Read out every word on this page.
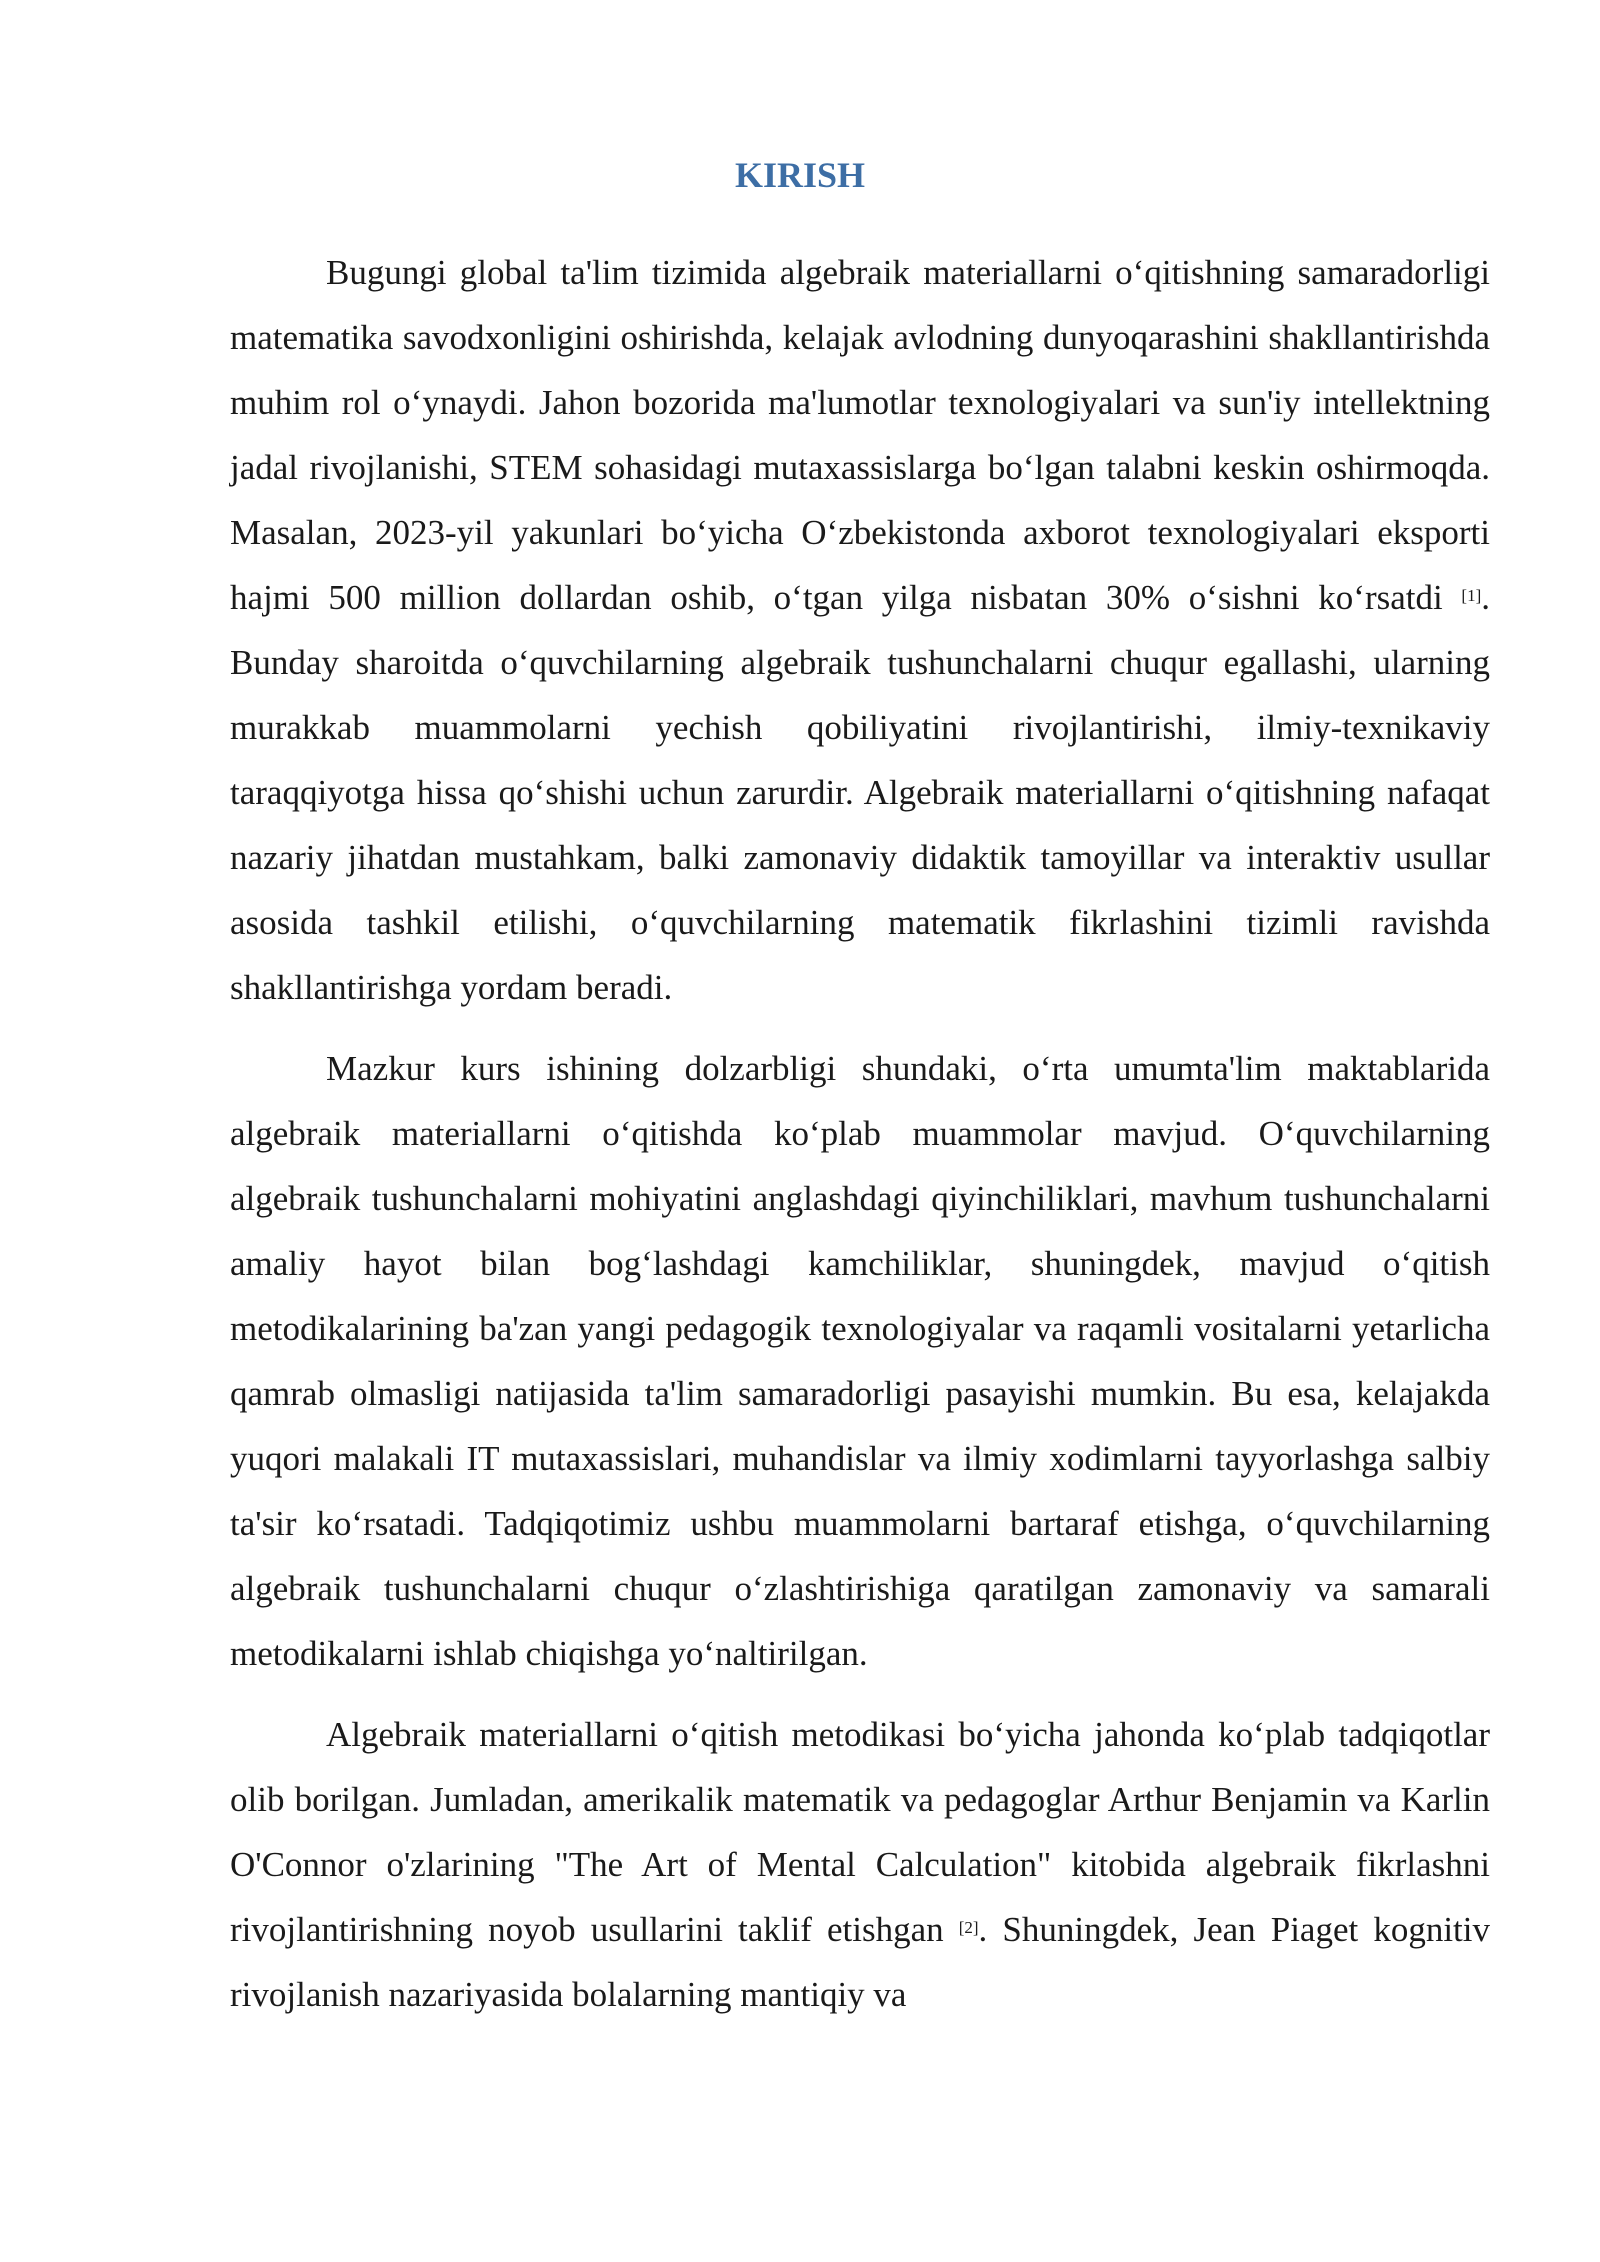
KIRISH

Bugungi global ta'lim tizimida algebraik materiallarni o‘qitishning samaradorligi matematika savodxonligini oshirishda, kelajak avlodning dunyoqarashini shakllantirishda muhim rol o‘ynaydi. Jahon bozorida ma'lumotlar texnologiyalari va sun'iy intellektning jadal rivojlanishi, STEM sohasidagi mutaxassislarga bo‘lgan talabni keskin oshirmoqda. Masalan, 2023-yil yakunlari bo‘yicha O‘zbekistonda axborot texnologiyalari eksporti hajmi 500 million dollardan oshib, o‘tgan yilga nisbatan 30% o‘sishni ko‘rsatdi [1]. Bunday sharoitda o‘quvchilarning algebraik tushunchalarni chuqur egallashi, ularning murakkab muammolarni yechish qobiliyatini rivojlantirishi, ilmiy-texnikaviy taraqqiyotga hissa qo‘shishi uchun zarurdir. Algebraik materiallarni o‘qitishning nafaqat nazariy jihatdan mustahkam, balki zamonaviy didaktik tamoyillar va interaktiv usullar asosida tashkil etilishi, o‘quvchilarning matematik fikrlashini tizimli ravishda shakllantirishga yordam beradi.

Mazkur kurs ishining dolzarbligi shundaki, o‘rta umumta'lim maktablarida algebraik materiallarni o‘qitishda ko‘plab muammolar mavjud. O‘quvchilarning algebraik tushunchalarni mohiyatini anglashdagi qiyinchiliklari, mavhum tushunchalarni amaliy hayot bilan bog‘lashdagi kamchiliklar, shuningdek, mavjud o‘qitish metodikalarining ba'zan yangi pedagogik texnologiyalar va raqamli vositalarni yetarlicha qamrab olmasligi natijasida ta'lim samaradorligi pasayishi mumkin. Bu esa, kelajakda yuqori malakali IT mutaxassislari, muhandislar va ilmiy xodimlarni tayyorlashga salbiy ta'sir ko‘rsatadi. Tadqiqotimiz ushbu muammolarni bartaraf etishga, o‘quvchilarning algebraik tushunchalarni chuqur o‘zlashtirishiga qaratilgan zamonaviy va samarali metodikalarni ishlab chiqishga yo‘naltirilgan.

Algebraik materiallarni o‘qitish metodikasi bo‘yicha jahonda ko‘plab tadqiqotlar olib borilgan. Jumladan, amerikalik matematik va pedagoglar Arthur Benjamin va Karlin O'Connor o'zlarining "The Art of Mental Calculation" kitobida algebraik fikrlashni rivojlantirishning noyob usullarini taklif etishgan [2]. Shuningdek, Jean Piaget kognitiv rivojlanish nazariyasida bolalarning mantiqiy va
